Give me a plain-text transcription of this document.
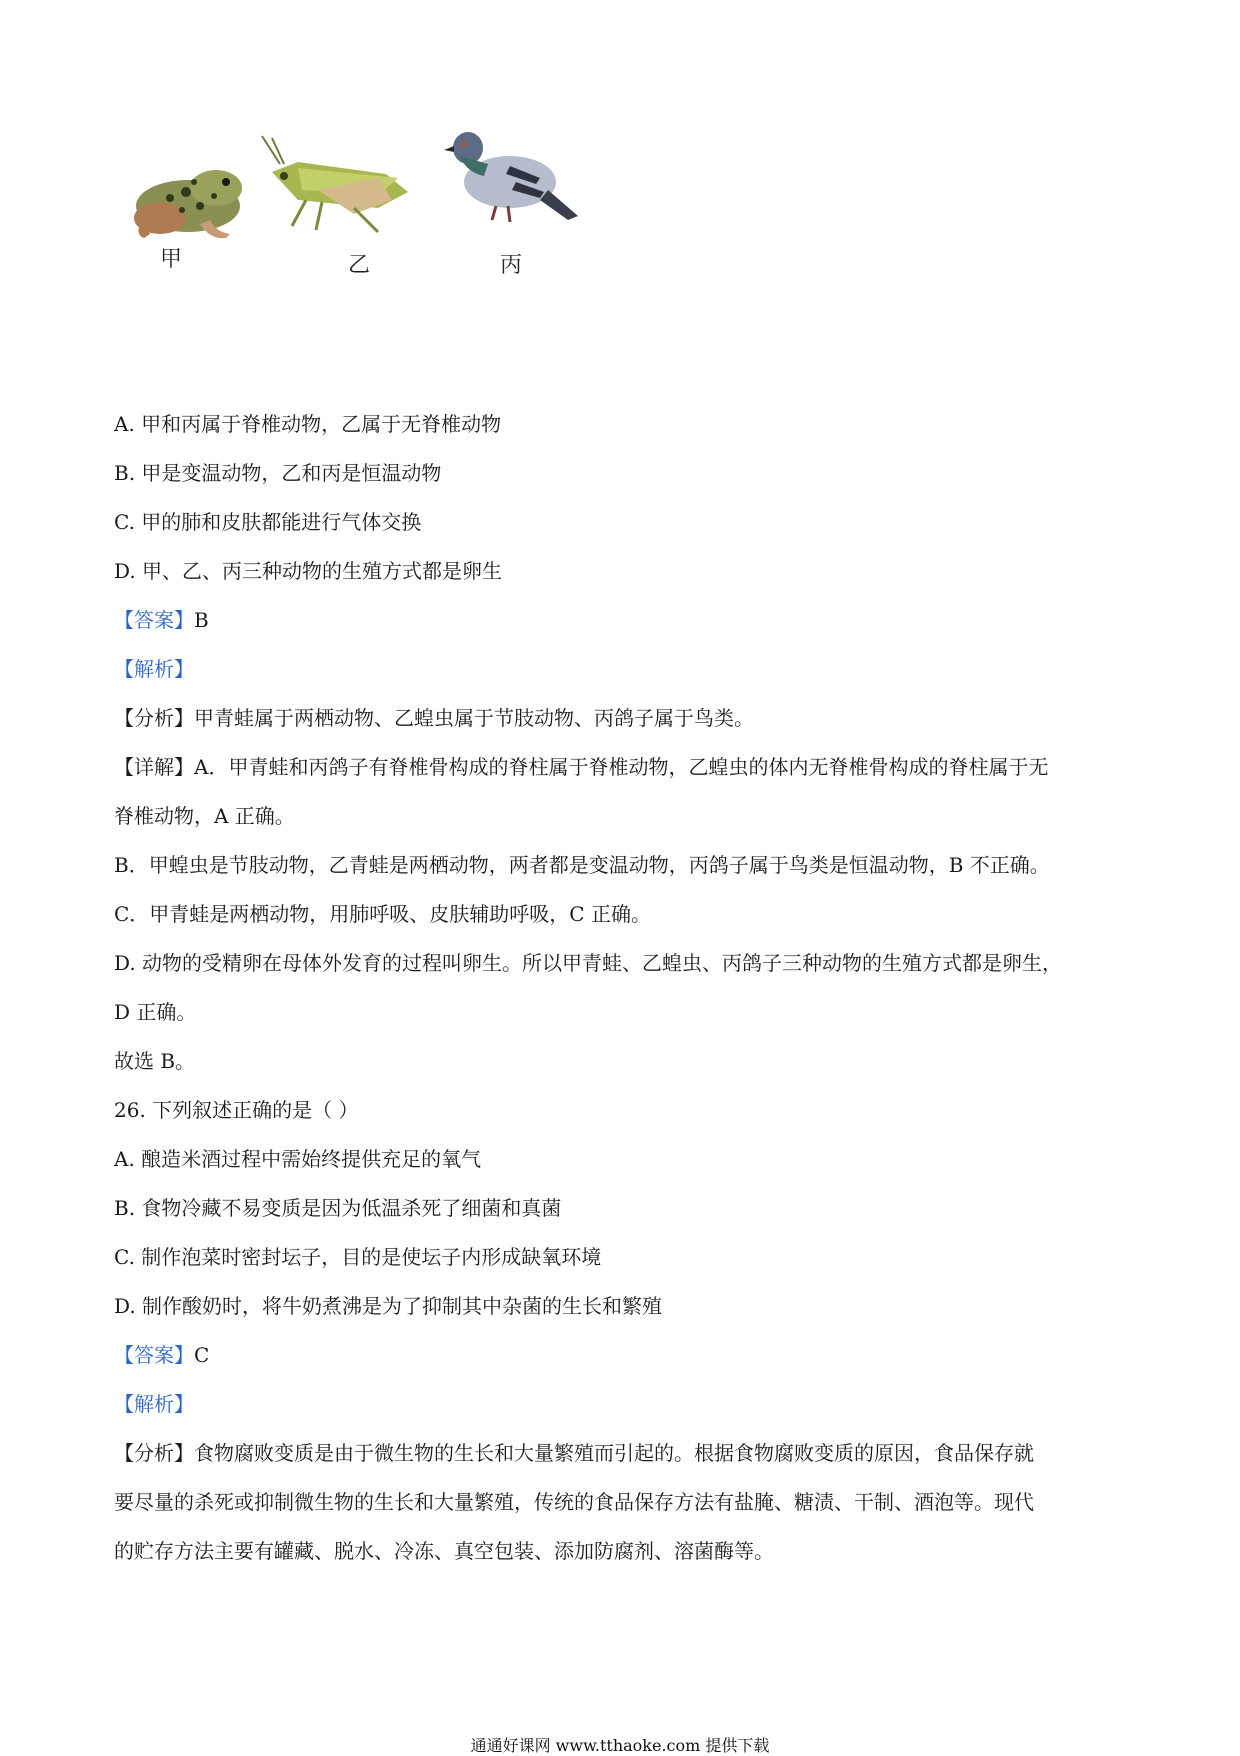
甲	乙	丙
A. 甲和丙属于脊椎动物，乙属于无脊椎动物
B. 甲是变温动物，乙和丙是恒温动物
C. 甲的肺和皮肤都能进行气体交换
D. 甲、乙、丙三种动物的生殖方式都是卵生
【答案】B
【解析】
【分析】甲青蛙属于两栖动物、乙蝗虫属于节肢动物、丙鸽子属于鸟类。
【详解】A．甲青蛙和丙鸽子有脊椎骨构成的脊柱属于脊椎动物，乙蝗虫的体内无脊椎骨构成的脊柱属于无
脊椎动物，A 正确。
B．甲蝗虫是节肢动物，乙青蛙是两栖动物，两者都是变温动物，丙鸽子属于鸟类是恒温动物，B 不正确。
C．甲青蛙是两栖动物，用肺呼吸、皮肤辅助呼吸，C 正确。
D. 动物的受精卵在母体外发育的过程叫卵生。所以甲青蛙、乙蝗虫、丙鸽子三种动物的生殖方式都是卵生，
D 正确。
故选 B。
26. 下列叙述正确的是（ ）
A. 酿造米酒过程中需始终提供充足的氧气
B. 食物冷藏不易变质是因为低温杀死了细菌和真菌
C. 制作泡菜时密封坛子，目的是使坛子内形成缺氧环境
D. 制作酸奶时，将牛奶煮沸是为了抑制其中杂菌的生长和繁殖
【答案】C
【解析】
【分析】食物腐败变质是由于微生物的生长和大量繁殖而引起的。根据食物腐败变质的原因，食品保存就
要尽量的杀死或抑制微生物的生长和大量繁殖，传统的食品保存方法有盐腌、糖渍、干制、酒泡等。现代
的贮存方法主要有罐藏、脱水、冷冻、真空包装、添加防腐剂、溶菌酶等。
通通好课网 www.tthaoke.com 提供下载
